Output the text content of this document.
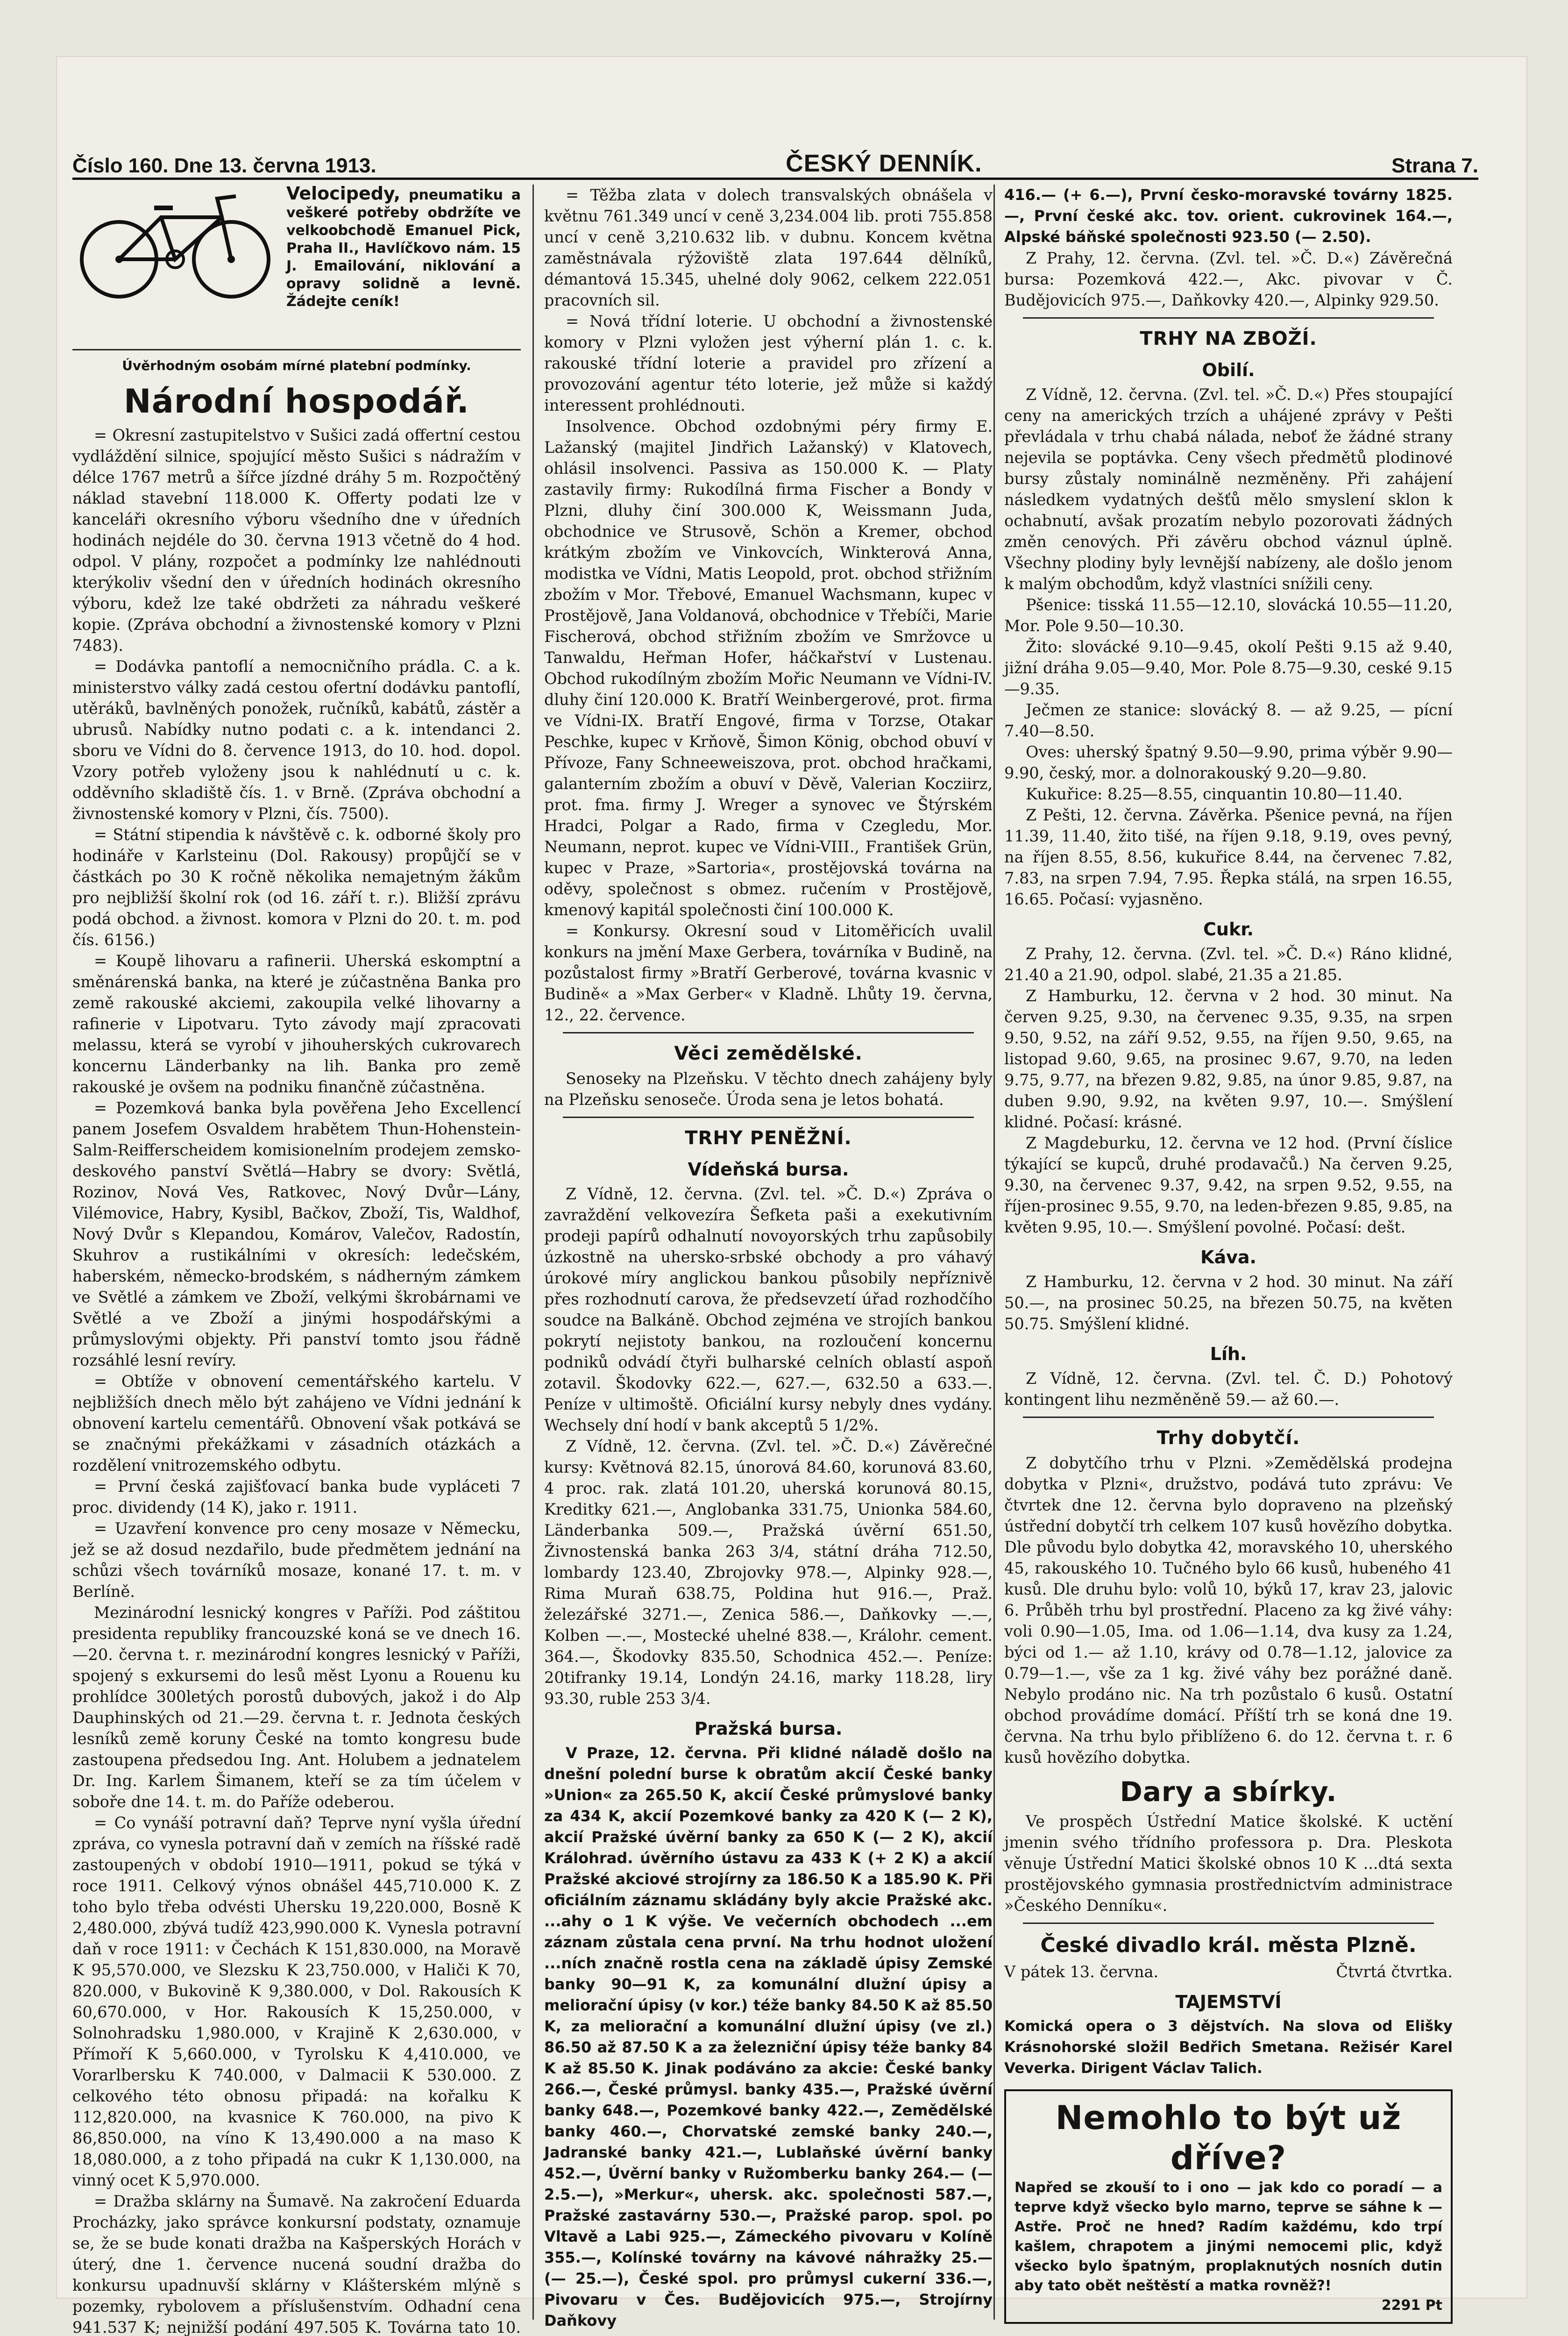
Číslo 160. Dne 13. června 1913.	ČESKÝ DENNÍK.	Strana 7.
Velocipedy, pneumatiku a veškeré potřeby obdržíte ve velkoobchodě Emanuel Pick, Praha II., Havlíčkovo nám. 15 J. Emailování, niklování a opravy solidně a levně. Žádejte ceník!
Úvěrhodným osobám mírné platební podmínky.
Národní hospodář.

= Okresní zastupitelstvo v Sušici zadá offertní cestou vydláždění silnice, spojující město Sušici s nádražím v délce 1767 metrů a šířce jízdné dráhy 5 m. Rozpočtěný náklad stavební 118.000 K. Offerty podati lze v kanceláři okresního výboru všedního dne v úředních hodinách nejdéle do 30. června 1913 včetně do 4 hod. odpol. V plány, rozpočet a podmínky lze nahlédnouti kterýkoliv všední den v úředních hodinách okresního výboru, kdež lze také obdržeti za náhradu veškeré kopie. (Zpráva obchodní a živnostenské komory v Plzni 7483).

= Dodávka pantoflí a nemocničního prádla. C. a k. ministerstvo války zadá cestou ofertní dodávku pantoflí, utěráků, bavlněných ponožek, ručníků, kabátů, zástěr a ubrusů. Nabídky nutno podati c. a k. intendanci 2. sboru ve Vídni do 8. července 1913, do 10. hod. dopol. Vzory potřeb vyloženy jsou k nahlédnutí u c. k. odděvního skladiště čís. 1. v Brně. (Zpráva obchodní a živnostenské komory v Plzni, čís. 7500).

= Státní stipendia k návštěvě c. k. odborné školy pro hodináře v Karlsteinu (Dol. Rakousy) propůjčí se v částkách po 30 K ročně několika nemajetným žákům pro nejbližší školní rok (od 16. září t. r.). Bližší zprávu podá obchod. a živnost. komora v Plzni do 20. t. m. pod čís. 6156.)

= Koupě lihovaru a rafinerii. Uherská eskomptní a směnárenská banka, na které je zúčastněna Banka pro země rakouské akciemi, zakoupila velké lihovarny a rafinerie v Lipotvaru. Tyto závody mají zpracovati melassu, která se vyrobí v jihouherských cukrovarech koncernu Länderbanky na lih. Banka pro země rakouské je ovšem na podniku finančně zúčastněna.

= Pozemková banka byla pověřena Jeho Excellencí panem Josefem Osvaldem hrabětem Thun-Hohenstein-Salm-Reifferscheidem komisionelním prodejem zemsko-deskového panství Světlá—Habry se dvory: Světlá, Rozinov, Nová Ves, Ratkovec, Nový Dvůr—Lány, Vilémovice, Habry, Kysibl, Bačkov, Zboží, Tis, Waldhof, Nový Dvůr s Klepandou, Komárov, Valečov, Radostín, Skuhrov a rustikálními v okresích: ledečském, haberském, německo-brodském, s nádherným zámkem ve Světlé a zámkem ve Zboží, velkými škrobárnami ve Světlé a ve Zboží a jinými hospodářskými a průmyslovými objekty. Při panství tomto jsou řádně rozsáhlé lesní revíry.

= Obtíže v obnovení cementářského kartelu. V nejbližších dnech mělo být zahájeno ve Vídni jednání k obnovení kartelu cementářů. Obnovení však potkává se se značnými překážkami v zásadních otázkách a rozdělení vnitrozemského odbytu.

= První česká zajišťovací banka bude vypláceti 7 proc. dividendy (14 K), jako r. 1911.

= Uzavření konvence pro ceny mosaze v Německu, jež se až dosud nezdařilo, bude předmětem jednání na schůzi všech továrníků mosaze, konané 17. t. m. v Berlíně.

Mezinárodní lesnický kongres v Paříži. Pod záštitou presidenta republiky francouzské koná se ve dnech 16.—20. června t. r. mezinárodní kongres lesnický v Paříži, spojený s exkursemi do lesů měst Lyonu a Rouenu ku prohlídce 300letých porostů dubových, jakož i do Alp Dauphinských od 21.—29. června t. r. Jednota českých lesníků země koruny České na tomto kongresu bude zastoupena předsedou Ing. Ant. Holubem a jednatelem Dr. Ing. Karlem Šimanem, kteří se za tím účelem v soboře dne 14. t. m. do Paříže odeberou.

= Co vynáší potravní daň? Teprve nyní vyšla úřední zpráva, co vynesla potravní daň v zemích na říšské radě zastoupených v období 1910—1911, pokud se týká v roce 1911. Celkový výnos obnášel 445,710.000 K. Z toho bylo třeba odvésti Uhersku 19,220.000, Bosně K 2,480.000, zbývá tudíž 423,990.000 K. Vynesla potravní daň v roce 1911: v Čechách K 151,830.000, na Moravě K 95,570.000, ve Slezsku K 23,750.000, v Haliči K 70, 820.000, v Bukovině K 9,380.000, v Dol. Rakousích K 60,670.000, v Hor. Rakousích K 15,250.000, v Solnohradsku 1,980.000, v Krajině K 2,630.000, v Přímoří K 5,660.000, v Tyrolsku K 4,410.000, ve Vorarlbersku K 740.000, v Dalmacii K 530.000. Z celkového této obnosu připadá: na kořalku K 112,820.000, na kvasnice K 760.000, na pivo K 86,850.000, na víno K 13,490.000 a na maso K 18,080.000, a z toho připadá na cukr K 1,130.000, na vinný ocet K 5,970.000.

= Dražba sklárny na Šumavě. Na zakročení Eduarda Procházky, jako správce konkursní podstaty, oznamuje se, že se bude konati dražba na Kašperských Horách v úterý, dne 1. července nucená soudní dražba do konkursu upadnuvší sklárny v Klášterském mlýně s pozemky, rybolovem a příslušenstvím. Odhadní cena 941.537 K; nejnižší podání 497.505 K. Továrna tato 10.

= Těžba zlata v dolech transvalských obnášela v květnu 761.349 uncí v ceně 3,234.004 lib. proti 755.858 uncí v ceně 3,210.632 lib. v dubnu. Koncem května zaměstnávala rýžoviště zlata 197.644 dělníků, démantová 15.345, uhelné doly 9062, celkem 222.051 pracovních sil.

= Nová třídní loterie. U obchodní a živnostenské komory v Plzni vyložen jest výherní plán 1. c. k. rakouské třídní loterie a pravidel pro zřízení a provozování agentur této loterie, jež může si každý interessent prohlédnouti.

Insolvence. Obchod ozdobnými péry firmy E. Lažanský (majitel Jindřich Lažanský) v Klatovech, ohlásil insolvenci. Passiva as 150.000 K. — Platy zastavily firmy: Rukodílná firma Fischer a Bondy v Plzni, dluhy činí 300.000 K, Weissmann Juda, obchodnice ve Strusově, Schön a Kremer, obchod krátkým zbožím ve Vinkovcích, Winkterová Anna, modistka ve Vídni, Matis Leopold, prot. obchod střižním zbožím v Mor. Třebové, Emanuel Wachsmann, kupec v Prostějově, Jana Voldanová, obchodnice v Třebíči, Marie Fischerová, obchod střižním zbožím ve Smržovce u Tanwaldu, Heřman Hofer, háčkařství v Lustenau. Obchod rukodílným zbožím Mořic Neumann ve Vídni-IV. dluhy činí 120.000 K. Bratří Weinbergerové, prot. firma ve Vídni-IX. Bratří Engové, firma v Torzse, Otakar Peschke, kupec v Krňově, Šimon König, obchod obuví v Přívoze, Fany Schneeweiszova, prot. obchod hračkami, galanterním zbožím a obuví v Děvě, Valerian Kocziirz, prot. fma. firmy J. Wreger a synovec ve Štýrském Hradci, Polgar a Rado, firma v Czegledu, Mor. Neumann, neprot. kupec ve Vídni-VIII., František Grün, kupec v Praze, »Sartoria«, prostějovská továrna na oděvy, společnost s obmez. ručením v Prostějově, kmenový kapitál společnosti činí 100.000 K.

= Konkursy. Okresní soud v Litoměřicích uvalil konkurs na jmění Maxe Gerbera, továrníka v Budině, na pozůstalost firmy »Bratří Gerberové, továrna kvasnic v Budině« a »Max Gerber« v Kladně. Lhůty 19. června, 12., 22. července.

Věci zemědělské.

Senoseky na Plzeňsku. V těchto dnech zahájeny byly na Plzeňsku senoseče. Úroda sena je letos bohatá.

TRHY PENĚŽNÍ.
Vídeňská bursa.

Z Vídně, 12. června. (Zvl. tel. »Č. D.«) Zpráva o zavraždění velkovezíra Šefketa paši a exekutivním prodeji papírů odhalnutí novoyorských trhu zapůsobily úzkostně na uhersko-srbské obchody a pro váhavý úrokové míry anglickou bankou působily nepříznivě přes rozhodnutí carova, že předsevzetí úřad rozhodčího soudce na Balkáně. Obchod zejména ve strojích bankou pokrytí nejistoty bankou, na rozloučení koncernu podniků odvádí čtyři bulharské celních oblastí aspoň zotavil. Škodovky 622.—, 627.—, 632.50 a 633.—. Peníze v ultimoště. Oficiální kursy nebyly dnes vydány. Wechsely dní hodí v bank akceptů 5 1/2%.

Z Vídně, 12. června. (Zvl. tel. »Č. D.«) Závěrečné kursy: Květnová 82.15, únorová 84.60, korunová 83.60, 4 proc. rak. zlatá 101.20, uherská korunová 80.15, Kreditky 621.—, Anglobanka 331.75, Unionka 584.60, Länderbanka 509.—, Pražská úvěrní 651.50, Živnostenská banka 263 3/4, státní dráha 712.50, lombardy 123.40, Zbrojovky 978.—, Alpinky 928.—, Rima Muraň 638.75, Poldina hut 916.—, Praž. železářské 3271.—, Zenica 586.—, Daňkovky —.—, Kolben —.—, Mostecké uhelné 838.—, Králohr. cement. 364.—, Škodovky 835.50, Schodnica 452.—. Peníze: 20tifranky 19.14, Londýn 24.16, marky 118.28, liry 93.30, ruble 253 3/4.

Pražská bursa.

V Praze, 12. června. Při klidné náladě došlo na dnešní polední burse k obratům akcií České banky »Union« za 265.50 K, akcií České průmyslové banky za 434 K, akcií Pozemkové banky za 420 K (— 2 K), akcií Pražské úvěrní banky za 650 K (— 2 K), akcií Králohrad. úvěrního ústavu za 433 K (+ 2 K) a akcií Pražské akciové strojírny za 186.50 K a 185.90 K. Při oficiálním záznamu skládány byly akcie Pražské akc. ...ahy o 1 K výše. Ve večerních obchodech ...em záznam zůstala cena první. Na trhu hodnot uložení ...ních značně rostla cena na základě úpisy Zemské banky 90—91 K, za komunální dlužní úpisy a meliorační úpisy (v kor.) téže banky 84.50 K až 85.50 K, za meliorační a komunální dlužní úpisy (ve zl.) 86.50 až 87.50 K a za železniční úpisy téže banky 84 K až 85.50 K. Jinak podáváno za akcie: České banky 266.—, České průmysl. banky 435.—, Pražské úvěrní banky 648.—, Pozemkové banky 422.—, Zemědělské banky 460.—, Chorvatské zemské banky 240.—, Jadranské banky 421.—, Lublaňské úvěrní banky 452.—, Úvěrní banky v Ružomberku banky 264.— (— 2.5.—), »Merkur«, uhersk. akc. společnosti 587.—, Pražské zastavárny 530.—, Pražské parop. spol. po Vltavě a Labi 925.—, Zámeckého pivovaru v Kolíně 355.—, Kolínské továrny na kávové náhražky 25.— (— 25.—), České spol. pro průmysl cukerní 336.—, Pivovaru v Čes. Budějovicích 975.—, Strojírny Daňkovy

416.— (+ 6.—), První česko-moravské továrny 1825.—, První české akc. tov. orient. cukrovinek 164.—, Alpské báňské společnosti 923.50 (— 2.50).

Z Prahy, 12. června. (Zvl. tel. »Č. D.«) Závěrečná bursa: Pozemková 422.—, Akc. pivovar v Č. Budějovicích 975.—, Daňkovky 420.—, Alpinky 929.50.

TRHY NA ZBOŽÍ.
Obilí.

Z Vídně, 12. června. (Zvl. tel. »Č. D.«) Přes stoupající ceny na amerických trzích a uhájené zprávy v Pešti převládala v trhu chabá nálada, neboť že žádné strany nejevila se poptávka. Ceny všech předmětů plodinové bursy zůstaly nominálně nezměněny. Při zahájení následkem vydatných dešťů mělo smyslení sklon k ochabnutí, avšak prozatím nebylo pozorovati žádných změn cenových. Při závěru obchod váznul úplně. Všechny plodiny byly levnější nabízeny, ale došlo jenom k malým obchodům, když vlastníci snížili ceny.

Pšenice: tisská 11.55—12.10, slovácká 10.55—11.20, Mor. Pole 9.50—10.30.

Žito: slovácké 9.10—9.45, okolí Pešti 9.15 až 9.40, jižní dráha 9.05—9.40, Mor. Pole 8.75—9.30, ceské 9.15—9.35.

Ječmen ze stanice: slovácký 8. — až 9.25, — pícní 7.40—8.50.

Oves: uherský špatný 9.50—9.90, prima výběr 9.90—9.90, český, mor. a dolnorakouský 9.20—9.80.

Kukuřice: 8.25—8.55, cinquantin 10.80—11.40.

Z Pešti, 12. června. Závěrka. Pšenice pevná, na říjen 11.39, 11.40, žito tišé, na říjen 9.18, 9.19, oves pevný, na říjen 8.55, 8.56, kukuřice 8.44, na červenec 7.82, 7.83, na srpen 7.94, 7.95. Řepka stálá, na srpen 16.55, 16.65. Počasí: vyjasněno.

Cukr.

Z Prahy, 12. června. (Zvl. tel. »Č. D.«) Ráno klidné, 21.40 a 21.90, odpol. slabé, 21.35 a 21.85.

Z Hamburku, 12. června v 2 hod. 30 minut. Na červen 9.25, 9.30, na červenec 9.35, 9.35, na srpen 9.50, 9.52, na září 9.52, 9.55, na říjen 9.50, 9.65, na listopad 9.60, 9.65, na prosinec 9.67, 9.70, na leden 9.75, 9.77, na březen 9.82, 9.85, na únor 9.85, 9.87, na duben 9.90, 9.92, na květen 9.97, 10.—. Smýšlení klidné. Počasí: krásné.

Z Magdeburku, 12. června ve 12 hod. (První číslice týkající se kupců, druhé prodavačů.) Na červen 9.25, 9.30, na červenec 9.37, 9.42, na srpen 9.52, 9.55, na říjen-prosinec 9.55, 9.70, na leden-březen 9.85, 9.85, na květen 9.95, 10.—. Smýšlení povolné. Počasí: dešt.

Káva.

Z Hamburku, 12. června v 2 hod. 30 minut. Na září 50.—, na prosinec 50.25, na březen 50.75, na květen 50.75. Smýšlení klidné.

Líh.

Z Vídně, 12. června. (Zvl. tel. Č. D.) Pohotový kontingent lihu nezměněně 59.— až 60.—.

Trhy dobytčí.

Z dobytčího trhu v Plzni. »Zemědělská prodejna dobytka v Plzni«, družstvo, podává tuto zprávu: Ve čtvrtek dne 12. června bylo dopraveno na plzeňský ústřední dobytčí trh celkem 107 kusů hovězího dobytka. Dle původu bylo dobytka 42, moravského 10, uherského 45, rakouského 10. Tučného bylo 66 kusů, hubeného 41 kusů. Dle druhu bylo: volů 10, býků 17, krav 23, jalovic 6. Průběh trhu byl prostřední. Placeno za kg živé váhy: voli 0.90—1.05, Ima. od 1.06—1.14, dva kusy za 1.24, býci od 1.— až 1.10, krávy od 0.78—1.12, jalovice za 0.79—1.—, vše za 1 kg. živé váhy bez porážné daně. Nebylo prodáno nic. Na trh pozůstalo 6 kusů. Ostatní obchod provádíme domácí. Příští trh se koná dne 19. června. Na trhu bylo přiblíženo 6. do 12. června t. r. 6 kusů hovězího dobytka.

Dary a sbírky.

Ve prospěch Ústřední Matice školské. K uctění jmenin svého třídního professora p. Dra. Pleskota věnuje Ústřední Matici školské obnos 10 K ...dtá sexta prostějovského gymnasia prostřednictvím administrace »Českého Denníku«.

České divadlo král. města Plzně.
V pátek 13. června.	Čtvrtá čtvrtka.
TAJEMSTVÍ

Komická opera o 3 dějstvích. Na slova od Elišky Krásnohorské složil Bedřich Smetana. Režisér Karel Veverka. Dirigent Václav Talich.

Nemohlo to být už dříve?
Napřed se zkouší to i ono — jak kdo co poradí — a teprve když všecko bylo marno, teprve se sáhne k — Astře. Proč ne hned? Radím každému, kdo trpí kašlem, chrapotem a jinými nemocemi plic, když všecko bylo špatným, proplaknutých nosních dutin aby tato obět neštěstí a matka rovněž?!
2291 Pt
